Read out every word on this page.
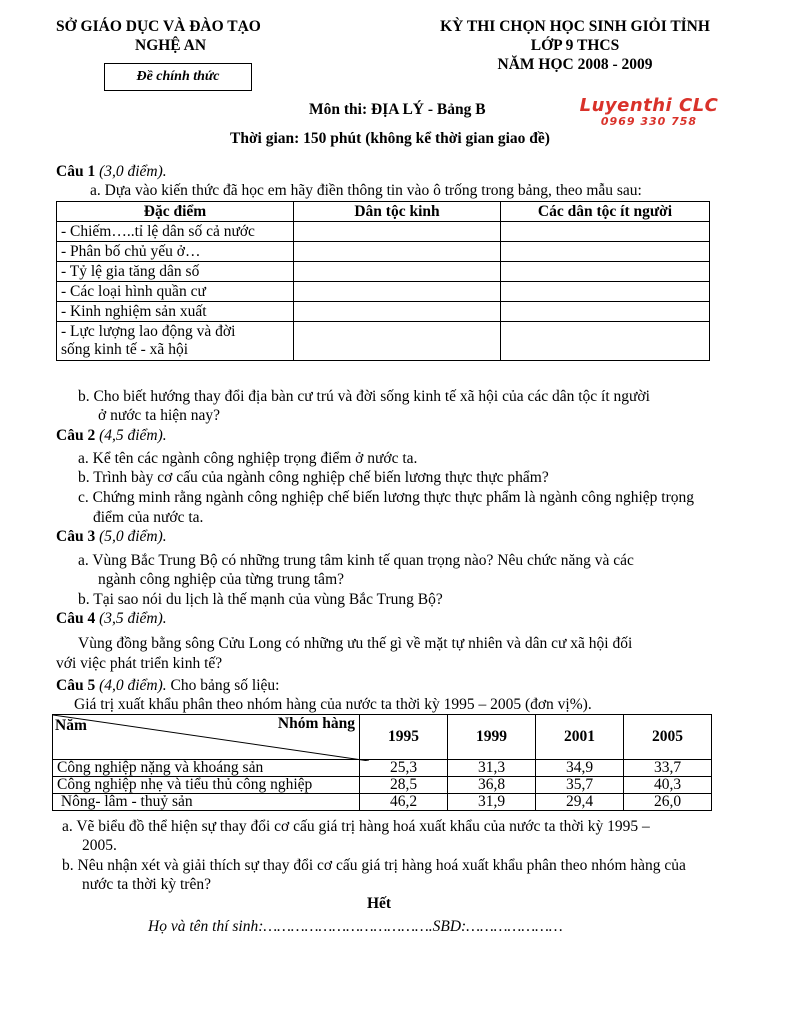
SỞ GIÁO DỤC VÀ ĐÀO TẠO
NGHỆ AN
Đề chính thức
KỲ THI CHỌN HỌC SINH GIỎI TỈNH
LỚP 9 THCS
NĂM HỌC 2008 - 2009
Môn thi: ĐỊA LÝ - Bảng B	Luyenthi CLC
0969 330 758
Thời gian: 150 phút (không kể thời gian giao đề)
Câu 1 (3,0 điểm).
a. Dựa vào kiến thức đã học em hãy điền thông tin vào ô trống trong bảng, theo mẫu sau:
Đặc điểm	Dân tộc kinh	Các dân tộc ít người
- Chiếm…..tỉ lệ dân số cả nước		
- Phân bố chủ yếu ở…		
- Tỷ lệ gia tăng dân số		
- Các loại hình quần cư		
- Kinh nghiệm sản xuất		

- Lực lượng lao động và đời
sống kinh tế - xã hội		

b. Cho biết hướng thay đổi địa bàn cư trú và đời sống kinh tế xã hội của các dân tộc ít người
ở nước ta hiện nay?
Câu 2 (4,5 điểm).
a. Kể tên các ngành công nghiệp trọng điểm ở nước ta.
b. Trình bày cơ cấu của ngành công nghiệp chế biến lương thực thực phẩm?
c. Chứng minh rằng ngành công nghiệp chế biến lương thực thực phẩm là ngành công nghiệp trọng
điểm của nước ta.
Câu 3 (5,0 điểm).
a. Vùng Bắc Trung Bộ có những trung tâm kinh tế quan trọng nào? Nêu chức năng và các
ngành công nghiệp của từng trung tâm?
b. Tại sao nói du lịch là thế mạnh của vùng Bắc Trung Bộ?
Câu 4 (3,5 điểm).
Vùng đồng bằng sông Cửu Long có những ưu thế gì về mặt tự nhiên và dân cư xã hội đối
với việc phát triển kinh tế?
Câu 5 (4,0 điểm). Cho bảng số liệu:
Giá trị xuất khẩu phân theo nhóm hàng của nước ta thời kỳ 1995 – 2005 (đơn vị%).
Nhóm hàng
Năm	1995	1999	2001	2005
Công nghiệp nặng và khoáng sản	25,3	31,3	34,9	33,7
Công nghiệp nhẹ và tiểu thủ công nghiệp	28,5	36,8	35,7	40,3
Nông- lâm - thuỷ sản	46,2	31,9	29,4	26,0
a. Vẽ biểu đồ thể hiện sự thay đổi cơ cấu giá trị hàng hoá xuất khẩu của nước ta thời kỳ 1995 –
2005.
b. Nêu nhận xét và giải thích sự thay đổi cơ cấu giá trị hàng hoá xuất khẩu phân theo nhóm hàng của
nước ta thời kỳ trên?
Hết
Họ và tên thí sinh:……………………………….SBD:…………………
